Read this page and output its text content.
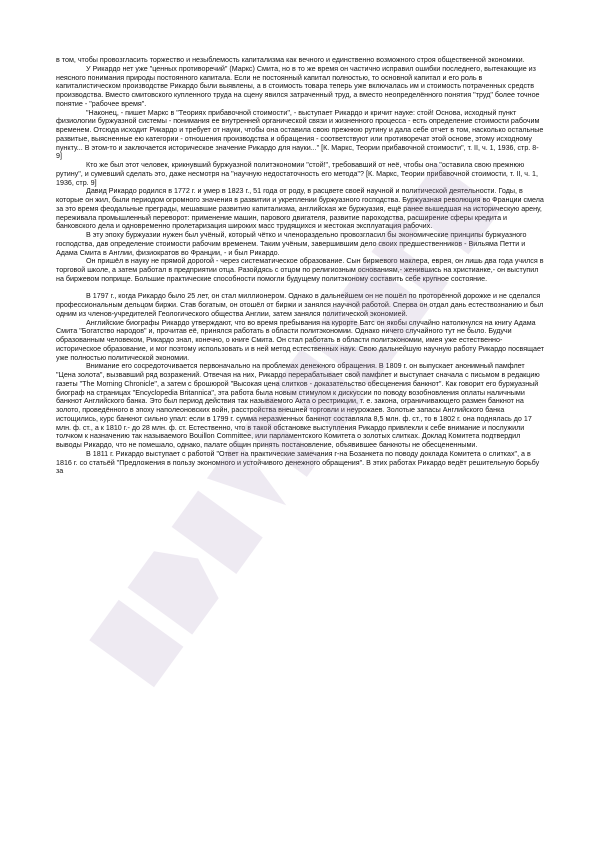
в том, чтобы провозгласить торжество и незыблемость капитализма как вечного и единственно возможного строя общественной экономики.

У Рикардо нет уже "ценных противоречий" (Маркс) Смита, но в то же время он частично исправил ошибки последнего, вытекающие из неясного понимания природы постоянного капитала. Если не постоянный капитал полностью, то основной капитал и его роль в капиталистическом производстве Рикардо были выявлены, а в стоимость товара теперь уже включалась им и стоимость потраченных средств производства. Вместо смитовского купленного труда на сцену явился затраченный труд, а вместо неопределённого понятия "труд" более точное понятие - "рабочее время".

"Наконец, - пишет Маркс в "Теориях прибавочной стоимости", - выступает Рикардо и кричит науке: стой! Основа, исходный пункт физиологии буржуазной системы - понимания ее внутренней органической связи и жизненного процесса - есть определение стоимости рабочим временем. Отсюда исходит Рикардо и требует от науки, чтобы она оставила свою прежнюю рутину и дала себе отчет в том, насколько остальные развитые, выясненные ею категории - отношения производства и обращения - соответствуют или противоречат этой основе, этому исходному пункту... В этом-то и заключается историческое значение Рикардо для науки..." [К. Маркс, Теории прибавочной стоимости", т. II, ч. 1, 1936, стр. 8-9]

Кто же был этот человек, крикнувший буржуазной политэкономии "стой!", требовавший от неё, чтобы она "оставила свою прежнюю рутину", и сумевший сделать это, даже несмотря на "научную недостаточность его метода"? [К. Маркс, Теории прибавочной стоимости, т. II, ч. 1, 1936, стр. 9]

Давид Рикардо родился в 1772 г. и умер в 1823 г., 51 года от роду, в расцвете своей научной и политической деятельности. Годы, в которые он жил, были периодом огромного значения в развитии и укреплении буржуазного господства. Буржуазная революция во Франции смела за это время феодальные преграды, мешавшие развитию капитализма, английская же буржуазия, ещё ранее вышедшая на историческую арену, переживала промышленный переворот: применение машин, парового двигателя, развитие пароходства, расширение сферы кредита и банковского дела и одновременно пролетаризация широких масс трудящихся и жестокая эксплуатация рабочих.

В эту эпоху буржуазии нужен был учёный, который чётко и членораздельно провозгласил бы экономические принципы буржуазного господства, дав определение стоимости рабочим временем. Таким учёным, завершившим дело своих предшественников - Вильяма Петти и Адама Смита в Англии, физиократов во Франции, - и был Рикардо.

Он пришёл в науку не прямой дорогой - через систематическое образование. Сын биржевого маклера, еврея, он лишь два года учился в торговой школе, а затем работал в предприятии отца. Разойдясь с отцом по религиозным основаниям,- женившись на христианке,- он выступил на биржевом поприще. Большие практические способности помогли будущему политэкономy составить себе крупное состояние.

В 1797 г., когда Рикардо было 25 лет, он стал миллионером. Однако в дальнейшем он не пошёл по проторённой дорожке и не сделался профессиональным дельцом биржи. Став богатым, он отошёл от биржи и занялся научной работой. Сперва он отдал дань естествознанию и был одним из членов-учредителей Геологического общества Англии, затем занялся политической экономией.

Английские биографы Рикардо утверждают, что во время пребывания на курорте Батс он якобы случайно натолкнулся на книгу Адама Смита "Богатство народов" и, прочитав её, принялся работать в области политэкономии. Однако ничего случайного тут не было. Будучи образованным человеком, Рикардо знал, конечно, о книге Смита. Он стал работать в области политэкономии, имея уже естественно-историческое образование, и мог поэтому использовать и в ней метод естественных наук. Свою дальнейшую научную работу Рикардо посвящает уже полностью политической экономии.

Внимание его сосредоточивается первоначально на проблемах денежного обращения. В 1809 г. он выпускает анонимный памфлет "Цена золота", вызвавший ряд возражений. Отвечая на них, Рикардо перерабатывает свой памфлет и выступает сначала с письмом в редакцию газеты "The Morning Chronicle", а затем с брошюрой "Высокая цена слитков - доказательство обесценения банкнот". Как говорит его буржуазный биограф на страницах "Encyclopedia Britannica", эта работа была новым стимулом к дискуссии по поводу возобновления оплаты наличными банкнот Английского банка. Это был период действия так называемого Акта о рестрикции, т. е. закона, ограничивающего размен банкнот на золото, проведённого в эпоху наполеоновских войн, расстройства внешней торговли и неурожаев. Золотые запасы Английского банка истощились, курс банкнот сильно упал: если в 1799 г. сумма неразменных банкнот составляла 8,5 млн. ф. ст., то в 1802 г. она поднялась до 17 млн. ф. ст., а к 1810 г.- до 28 млн. ф. ст. Естественно, что в такой обстановке выступления Рикардо привлекли к себе внимание и послужили толчком к назначению так называемого Bouillon Committee, или парламентского Комитета о золотых слитках. Доклад Комитета подтвердил выводы Рикардо, что не помешало, однако, палате общин принять постановление, объявившее банкноты не обесцененными.

В 1811 г. Рикардо выступает с работой "Ответ на практические замечания г-на Бозанкета по поводу доклада Комитета о слитках", а в 1816 г. со статьёй "Предложения в пользу экономного и устойчивого денежного обращения". В этих работах Рикардо ведёт решительную борьбу за
